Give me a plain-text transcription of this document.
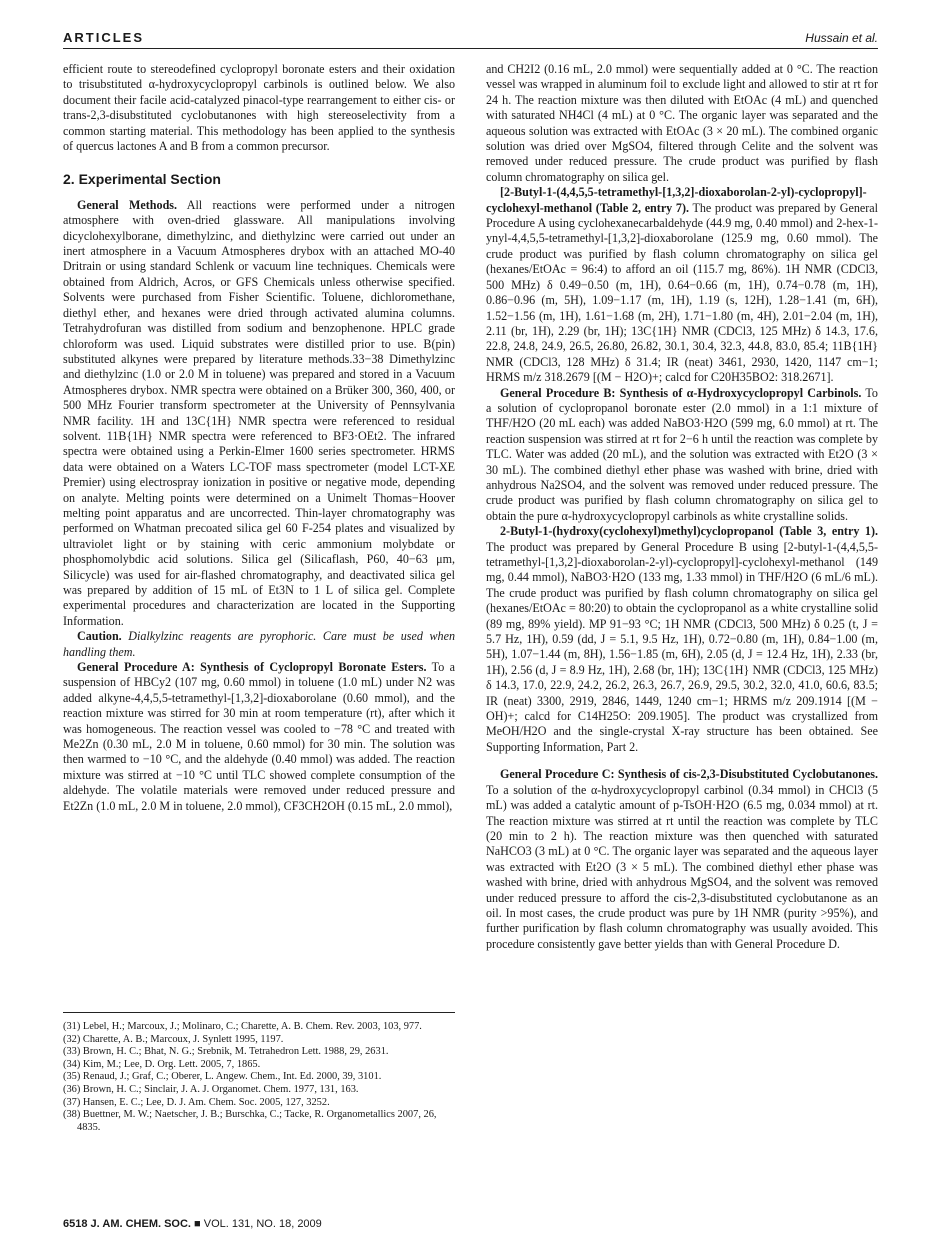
ARTICLES	Hussain et al.

efficient route to stereodefined cyclopropyl boronate esters and their oxidation to trisubstituted α-hydroxycyclopropyl carbinols is outlined below. We also document their facile acid-catalyzed pinacol-type rearrangement to either cis- or trans-2,3-disubstituted cyclobutanones with high stereoselectivity from a common starting material. This methodology has been applied to the synthesis of quercus lactones A and B from a common precursor.

2. Experimental Section

General Methods. All reactions were performed under a nitrogen atmosphere with oven-dried glassware. All manipulations involving dicyclohexylborane, dimethylzinc, and diethylzinc were carried out under an inert atmosphere in a Vacuum Atmospheres drybox with an attached MO-40 Dritrain or using standard Schlenk or vacuum line techniques. Chemicals were obtained from Aldrich, Acros, or GFS Chemicals unless otherwise specified. Solvents were purchased from Fisher Scientific. Toluene, dichloromethane, diethyl ether, and hexanes were dried through activated alumina columns. Tetrahydrofuran was distilled from sodium and benzophenone. HPLC grade chloroform was used. Liquid substrates were distilled prior to use. B(pin) substituted alkynes were prepared by literature methods.33−38 Dimethylzinc and diethylzinc (1.0 or 2.0 M in toluene) was prepared and stored in a Vacuum Atmospheres drybox. NMR spectra were obtained on a Brüker 300, 360, 400, or 500 MHz Fourier transform spectrometer at the University of Pennsylvania NMR facility. 1H and 13C{1H} NMR spectra were referenced to residual solvent. 11B{1H} NMR spectra were referenced to BF3·OEt2. The infrared spectra were obtained using a Perkin-Elmer 1600 series spectrometer. HRMS data were obtained on a Waters LC-TOF mass spectrometer (model LCT-XE Premier) using electrospray ionization in positive or negative mode, depending on analyte. Melting points were determined on a Unimelt Thomas−Hoover melting point apparatus and are uncorrected. Thin-layer chromatography was performed on Whatman precoated silica gel 60 F-254 plates and visualized by ultraviolet light or by staining with ceric ammonium molybdate or phosphomolybdic acid solutions. Silica gel (Silicaflash, P60, 40−63 μm, Silicycle) was used for air-flashed chromatography, and deactivated silica gel was prepared by addition of 15 mL of Et3N to 1 L of silica gel. Complete experimental procedures and characterization are located in the Supporting Information.

Caution. Dialkylzinc reagents are pyrophoric. Care must be used when handling them.

General Procedure A: Synthesis of Cyclopropyl Boronate Esters. To a suspension of HBCy2 (107 mg, 0.60 mmol) in toluene (1.0 mL) under N2 was added alkyne-4,4,5,5-tetramethyl-[1,3,2]-dioxaborolane (0.60 mmol), and the reaction mixture was stirred for 30 min at room temperature (rt), after which it was homogeneous. The reaction vessel was cooled to −78 °C and treated with Me2Zn (0.30 mL, 2.0 M in toluene, 0.60 mmol) for 30 min. The solution was then warmed to −10 °C, and the aldehyde (0.40 mmol) was added. The reaction mixture was stirred at −10 °C until TLC showed complete consumption of the aldehyde. The volatile materials were removed under reduced pressure and Et2Zn (1.0 mL, 2.0 M in toluene, 2.0 mmol), CF3CH2OH (0.15 mL, 2.0 mmol),

(31) Lebel, H.; Marcoux, J.; Molinaro, C.; Charette, A. B. Chem. Rev. 2003, 103, 977.
(32) Charette, A. B.; Marcoux, J. Synlett 1995, 1197.
(33) Brown, H. C.; Bhat, N. G.; Srebnik, M. Tetrahedron Lett. 1988, 29, 2631.
(34) Kim, M.; Lee, D. Org. Lett. 2005, 7, 1865.
(35) Renaud, J.; Graf, C.; Oberer, L. Angew. Chem., Int. Ed. 2000, 39, 3101.
(36) Brown, H. C.; Sinclair, J. A. J. Organomet. Chem. 1977, 131, 163.
(37) Hansen, E. C.; Lee, D. J. Am. Chem. Soc. 2005, 127, 3252.
(38) Buettner, M. W.; Naetscher, J. B.; Burschka, C.; Tacke, R. Organometallics 2007, 26, 4835.

and CH2I2 (0.16 mL, 2.0 mmol) were sequentially added at 0 °C. The reaction vessel was wrapped in aluminum foil to exclude light and allowed to stir at rt for 24 h. The reaction mixture was then diluted with EtOAc (4 mL) and quenched with saturated NH4Cl (4 mL) at 0 °C. The organic layer was separated and the aqueous solution was extracted with EtOAc (3 × 20 mL). The combined organic solution was dried over MgSO4, filtered through Celite and the solvent was removed under reduced pressure. The crude product was purified by flash column chromatography on silica gel.

[2-Butyl-1-(4,4,5,5-tetramethyl-[1,3,2]-dioxaborolan-2-yl)-cyclopropyl]-cyclohexyl-methanol (Table 2, entry 7). The product was prepared by General Procedure A using cyclohexanecarbaldehyde (44.9 mg, 0.40 mmol) and 2-hex-1-ynyl-4,4,5,5-tetramethyl-[1,3,2]-dioxaborolane (125.9 mg, 0.60 mmol). The crude product was purified by flash column chromatography on silica gel (hexanes/EtOAc = 96:4) to afford an oil (115.7 mg, 86%). 1H NMR (CDCl3, 500 MHz) δ 0.49−0.50 (m, 1H), 0.64−0.66 (m, 1H), 0.74−0.78 (m, 1H), 0.86−0.96 (m, 5H), 1.09−1.17 (m, 1H), 1.19 (s, 12H), 1.28−1.41 (m, 6H), 1.52−1.56 (m, 1H), 1.61−1.68 (m, 2H), 1.71−1.80 (m, 4H), 2.01−2.04 (m, 1H), 2.11 (br, 1H), 2.29 (br, 1H); 13C{1H} NMR (CDCl3, 125 MHz) δ 14.3, 17.6, 22.8, 24.8, 24.9, 26.5, 26.80, 26.82, 30.1, 30.4, 32.3, 44.8, 83.0, 85.4; 11B{1H} NMR (CDCl3, 128 MHz) δ 31.4; IR (neat) 3461, 2930, 1420, 1147 cm−1; HRMS m/z 318.2679 [(M − H2O)+; calcd for C20H35BO2: 318.2671].

General Procedure B: Synthesis of α-Hydroxycyclopropyl Carbinols. To a solution of cyclopropanol boronate ester (2.0 mmol) in a 1:1 mixture of THF/H2O (20 mL each) was added NaBO3·H2O (599 mg, 6.0 mmol) at rt. The reaction suspension was stirred at rt for 2−6 h until the reaction was complete by TLC. Water was added (20 mL), and the solution was extracted with Et2O (3 × 30 mL). The combined diethyl ether phase was washed with brine, dried with anhydrous Na2SO4, and the solvent was removed under reduced pressure. The crude product was purified by flash column chromatography on silica gel to obtain the pure α-hydroxycyclopropyl carbinols as white crystalline solids.

2-Butyl-1-(hydroxy(cyclohexyl)methyl)cyclopropanol (Table 3, entry 1). The product was prepared by General Procedure B using [2-butyl-1-(4,4,5,5-tetramethyl-[1,3,2]-dioxaborolan-2-yl)-cyclopropyl]-cyclohexyl-methanol (149 mg, 0.44 mmol), NaBO3·H2O (133 mg, 1.33 mmol) in THF/H2O (6 mL/6 mL). The crude product was purified by flash column chromatography on silica gel (hexanes/EtOAc = 80:20) to obtain the cyclopropanol as a white crystalline solid (89 mg, 89% yield). MP 91−93 °C; 1H NMR (CDCl3, 500 MHz) δ 0.25 (t, J = 5.7 Hz, 1H), 0.59 (dd, J = 5.1, 9.5 Hz, 1H), 0.72−0.80 (m, 1H), 0.84−1.00 (m, 5H), 1.07−1.44 (m, 8H), 1.56−1.85 (m, 6H), 2.05 (d, J = 12.4 Hz, 1H), 2.33 (br, 1H), 2.56 (d, J = 8.9 Hz, 1H), 2.68 (br, 1H); 13C{1H} NMR (CDCl3, 125 MHz) δ 14.3, 17.0, 22.9, 24.2, 26.2, 26.3, 26.7, 26.9, 29.5, 30.2, 32.0, 41.0, 60.6, 83.5; IR (neat) 3300, 2919, 2846, 1449, 1240 cm−1; HRMS m/z 209.1914 [(M − OH)+; calcd for C14H25O: 209.1905]. The product was crystallized from MeOH/H2O and the single-crystal X-ray structure has been obtained. See Supporting Information, Part 2.

General Procedure C: Synthesis of cis-2,3-Disubstituted Cyclobutanones. To a solution of the α-hydroxycyclopropyl carbinol (0.34 mmol) in CHCl3 (5 mL) was added a catalytic amount of p-TsOH·H2O (6.5 mg, 0.034 mmol) at rt. The reaction mixture was stirred at rt until the reaction was complete by TLC (20 min to 2 h). The reaction mixture was then quenched with saturated NaHCO3 (3 mL) at 0 °C. The organic layer was separated and the aqueous layer was extracted with Et2O (3 × 5 mL). The combined diethyl ether phase was washed with brine, dried with anhydrous MgSO4, and the solvent was removed under reduced pressure to afford the cis-2,3-disubstituted cyclobutanone as an oil. In most cases, the crude product was pure by 1H NMR (purity >95%), and further purification by flash column chromatography was usually avoided. This procedure consistently gave better yields than with General Procedure D.

6518 J. AM. CHEM. SOC. ■ VOL. 131, NO. 18, 2009
